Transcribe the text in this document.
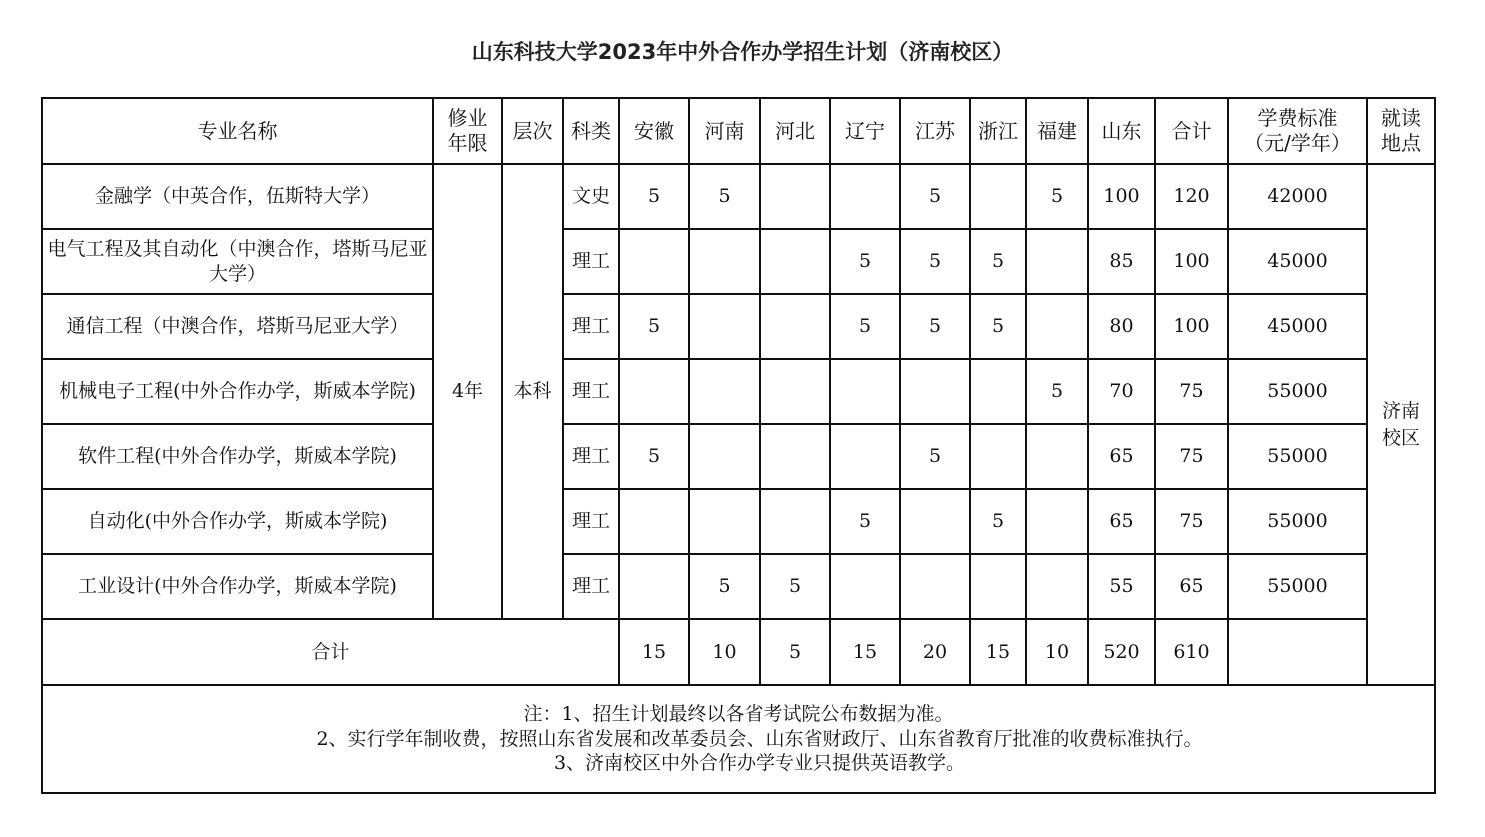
山东科技大学2023年中外合作办学招生计划（济南校区）
专业名称	修业年限	层次	科类	安徽	河南	河北	辽宁	江苏	浙江	福建	山东	合计	学费标准（元/学年）	就读地点

金融学（中英合作，伍斯特大学）	4年	本科	文史	5	5			5		5	100	120	42000	济南校区

电气工程及其自动化（中澳合作，塔斯马尼亚大学）			理工				5	5	5		85	100	45000	
通信工程（中澳合作，塔斯马尼亚大学）			理工	5			5	5	5		80	100	45000	
机械电子工程(中外合作办学，斯威本学院)			理工							5	70	75	55000	
软件工程(中外合作办学，斯威本学院)			理工	5				5			65	75	55000	
自动化(中外合作办学，斯威本学院)			理工				5		5		65	75	55000	
工业设计(中外合作办学，斯威本学院)			理工		5	5					55	65	55000	
合计				15	10	5	15	20	15	10	520	610		

注：1、招生计划最终以各省考试院公布数据为准。
2、实行学年制收费，按照山东省发展和改革委员会、山东省财政厅、山东省教育厅批准的收费标准执行。
3、济南校区中外合作办学专业只提供英语教学。														
